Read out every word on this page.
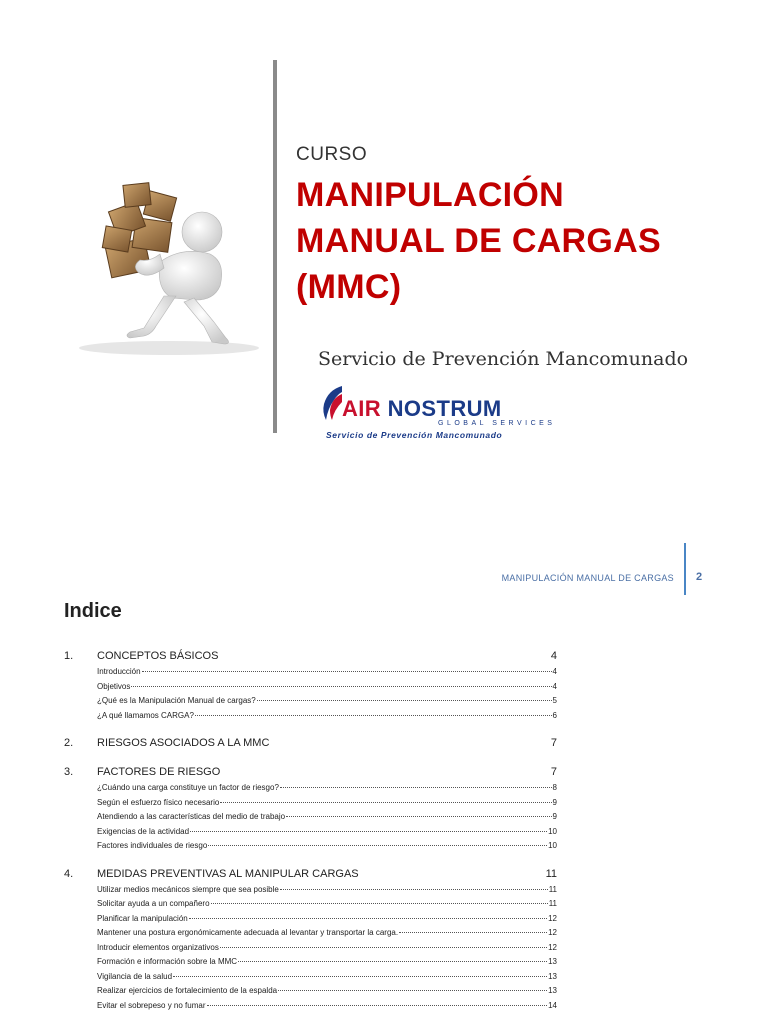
CURSO
MANIPULACIÓN
MANUAL DE CARGAS
(MMC)
Servicio de Prevención Mancomunado
AIR NOSTRUM
GLOBAL SERVICES
Servicio de Prevención Mancomunado
MANIPULACIÓN MANUAL DE CARGAS 2
Indice
1.	CONCEPTOS BÁSICOS	4
Introducción	4
Objetivos	4
¿Qué es la Manipulación Manual de cargas?	5
¿A qué llamamos CARGA?	6
2.	RIESGOS ASOCIADOS A LA MMC	7
3.	FACTORES DE RIESGO	7
¿Cuándo una carga constituye un factor de riesgo?	8
Según el esfuerzo físico necesario	9
Atendiendo a las características del medio de trabajo	9
Exigencias de la actividad	10
Factores individuales de riesgo	10
4.	MEDIDAS PREVENTIVAS AL MANIPULAR CARGAS	11
Utilizar medios mecánicos siempre que sea posible	11
Solicitar ayuda a un compañero	11
Planificar la manipulación	12
Mantener una postura ergonómicamente adecuada al levantar y transportar la carga.	12
Introducir elementos organizativos	12
Formación e información sobre la MMC	13
Vigilancia de la salud	13
Realizar ejercicios de fortalecimiento de la espalda	13
Evitar el sobrepeso y no fumar	14
